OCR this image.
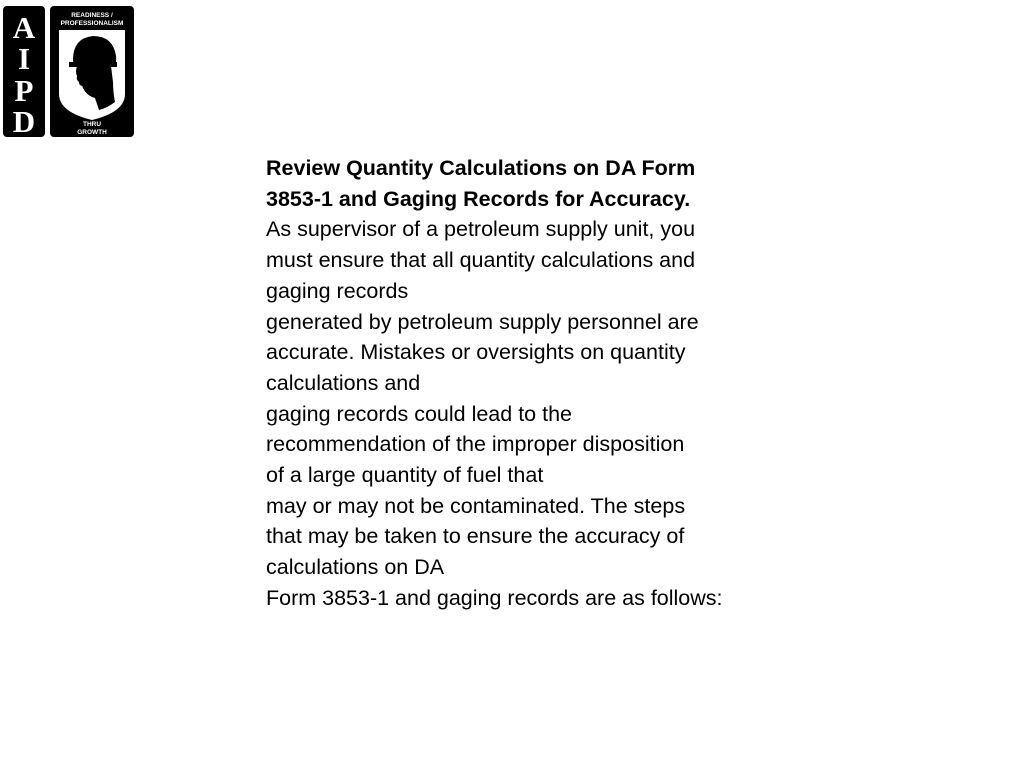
A
I
P
D
READINESS /
PROFESSIONALISM
THRU
GROWTH
Review Quantity Calculations on DA Form
3853-1 and Gaging Records for Accuracy.
As supervisor of a petroleum supply unit, you
must ensure that all quantity calculations and
gaging records
generated by petroleum supply personnel are
accurate. Mistakes or oversights on quantity
calculations and
gaging records could lead to the
recommendation of the improper disposition
of a large quantity of fuel that
may or may not be contaminated. The steps
that may be taken to ensure the accuracy of
calculations on DA
Form 3853-1 and gaging records are as follows:
